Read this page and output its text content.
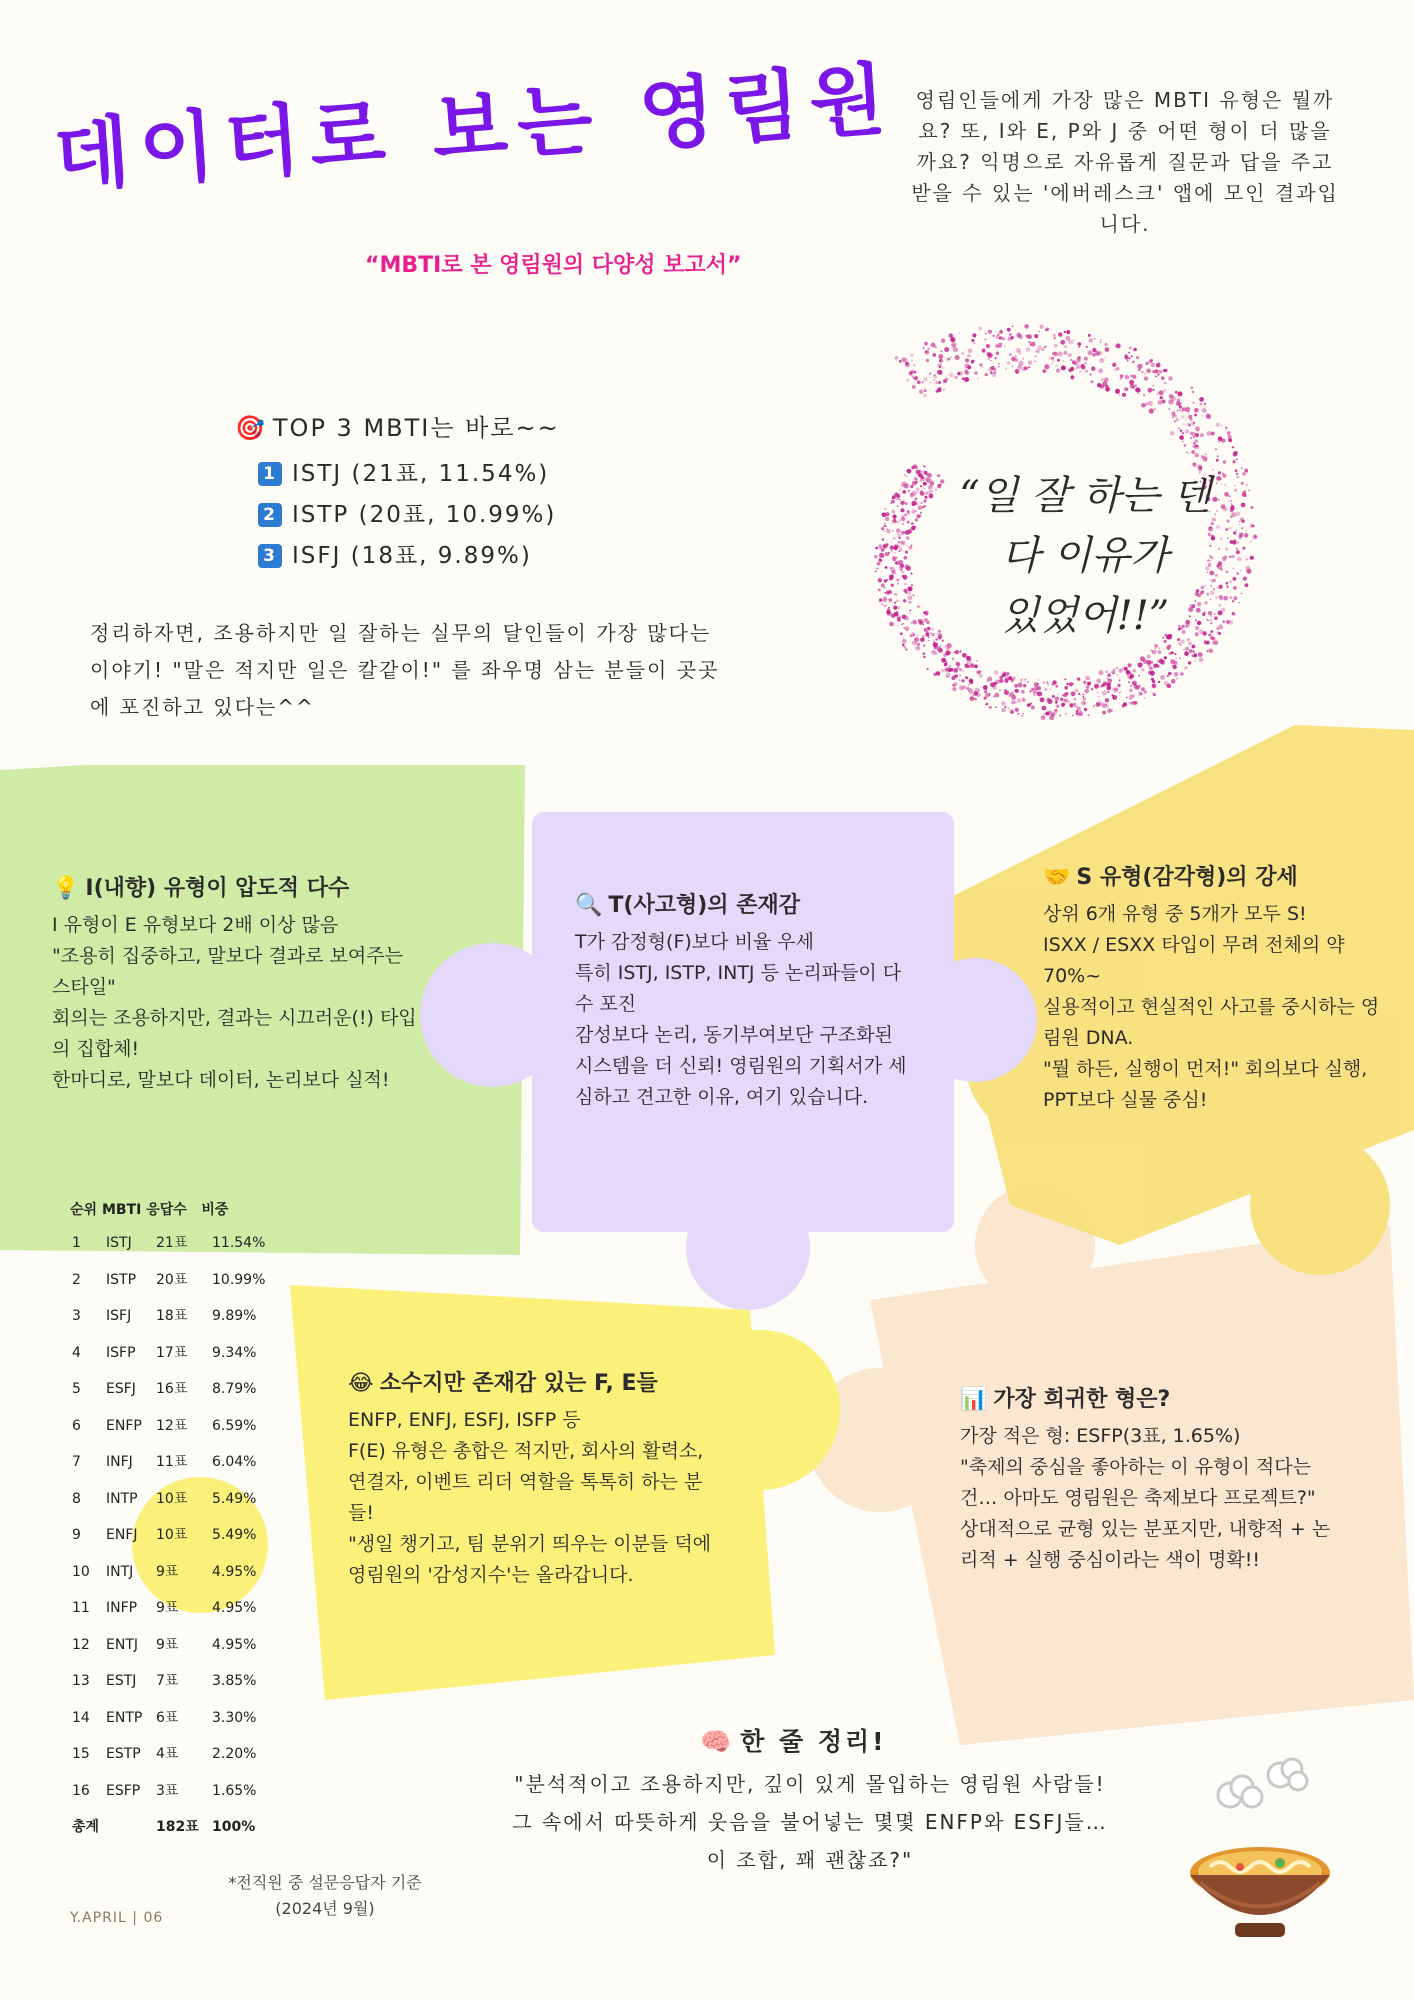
데이터로 보는 영림원
“MBTI로 본 영림원의 다양성 보고서”
영림인들에게 가장 많은 MBTI 유형은 뭘까요? 또, I와 E, P와 J 중 어떤 형이 더 많을까요? 익명으로 자유롭게 질문과 답을 주고받을 수 있는 '에버레스크' 앱에 모인 결과입니다.
🎯 TOP 3 MBTI는 바로~~
1 ISTJ (21표, 11.54%)
2 ISTP (20표, 10.99%)
3 ISFJ (18표, 9.89%)
정리하자면, 조용하지만 일 잘하는 실무의 달인들이 가장 많다는 이야기! "말은 적지만 일은 칼같이!" 를 좌우명 삼는 분들이 곳곳에 포진하고 있다는^^
“일 잘 하는 덴
다 이유가
있었어!!”
💡 I(내향) 유형이 압도적 다수
I 유형이 E 유형보다 2배 이상 많음
"조용히 집중하고, 말보다 결과로 보여주는 스타일"
회의는 조용하지만, 결과는 시끄러운(!) 타입의 집합체!
한마디로, 말보다 데이터, 논리보다 실적!
🔍 T(사고형)의 존재감
T가 감정형(F)보다 비율 우세
특히 ISTJ, ISTP, INTJ 등 논리파들이 다수 포진
감성보다 논리, 동기부여보단 구조화된 시스템을 더 신뢰! 영림원의 기획서가 세심하고 견고한 이유, 여기 있습니다.
🤝 S 유형(감각형)의 강세
상위 6개 유형 중 5개가 모두 S!
ISXX / ESXX 타입이 무려 전체의 약 70%~
실용적이고 현실적인 사고를 중시하는 영림원 DNA.
"뭘 하든, 실행이 먼저!" 회의보다 실행, PPT보다 실물 중심!
순위 MBTI 응답수 비중
1 ISTJ 21표 11.54%
2 ISTP 20표 10.99%
3 ISFJ 18표 9.89%
4 ISFP 17표 9.34%
5 ESFJ 16표 8.79%
6 ENFP 12표 6.59%
7 INFJ 11표 6.04%
8 INTP 10표 5.49%
9 ENFJ 10표 5.49%
10 INTJ 9표 4.95%
11 INFP 9표 4.95%
12 ENTJ 9표 4.95%
13 ESTJ 7표 3.85%
14 ENTP 6표 3.30%
15 ESTP 4표 2.20%
16 ESFP 3표 1.65%
총계	182표 100%
😂 소수지만 존재감 있는 F, E들
ENFP, ENFJ, ESFJ, ISFP 등
F(E) 유형은 총합은 적지만, 회사의 활력소, 연결자, 이벤트 리더 역할을 톡톡히 하는 분들!
"생일 챙기고, 팀 분위기 띄우는 이분들 덕에 영림원의 '감성지수'는 올라갑니다.
📊 가장 희귀한 형은?
가장 적은 형: ESFP(3표, 1.65%)
"축제의 중심을 좋아하는 이 유형이 적다는 건… 아마도 영림원은 축제보다 프로젝트?"
상대적으로 균형 있는 분포지만, 내향적 + 논리적 + 실행 중심이라는 색이 명확!!
🧠 한 줄 정리!
"분석적이고 조용하지만, 깊이 있게 몰입하는 영림원 사람들!
그 속에서 따뜻하게 웃음을 불어넣는 몇몇 ENFP와 ESFJ들…
이 조합, 꽤 괜찮죠?"
*전직원 중 설문응답자 기준
(2024년 9월)
Y.APRIL | 06
